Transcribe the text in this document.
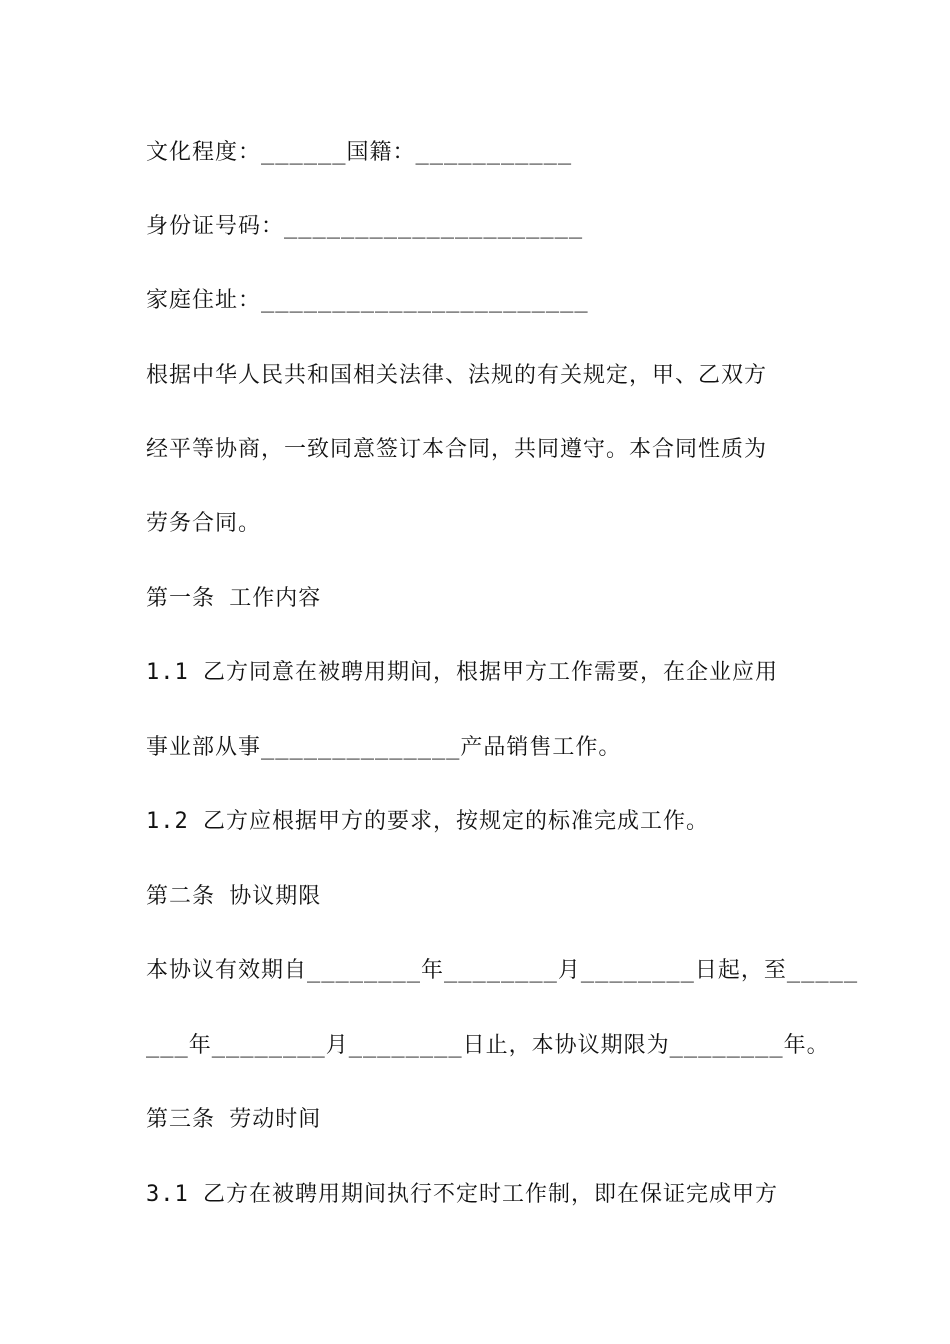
文化程度：______国籍：___________
身份证号码：_____________________
家庭住址：_______________________
根据中华人民共和国相关法律、法规的有关规定，甲、乙双方
经平等协商，一致同意签订本合同，共同遵守。本合同性质为
劳务合同。
第一条 工作内容
1.1 乙方同意在被聘用期间，根据甲方工作需要，在企业应用
事业部从事______________产品销售工作。
1.2 乙方应根据甲方的要求，按规定的标准完成工作。
第二条 协议期限
本协议有效期自________年________月________日起，至_____
___年________月________日止，本协议期限为________年。
第三条 劳动时间
3.1 乙方在被聘用期间执行不定时工作制，即在保证完成甲方
